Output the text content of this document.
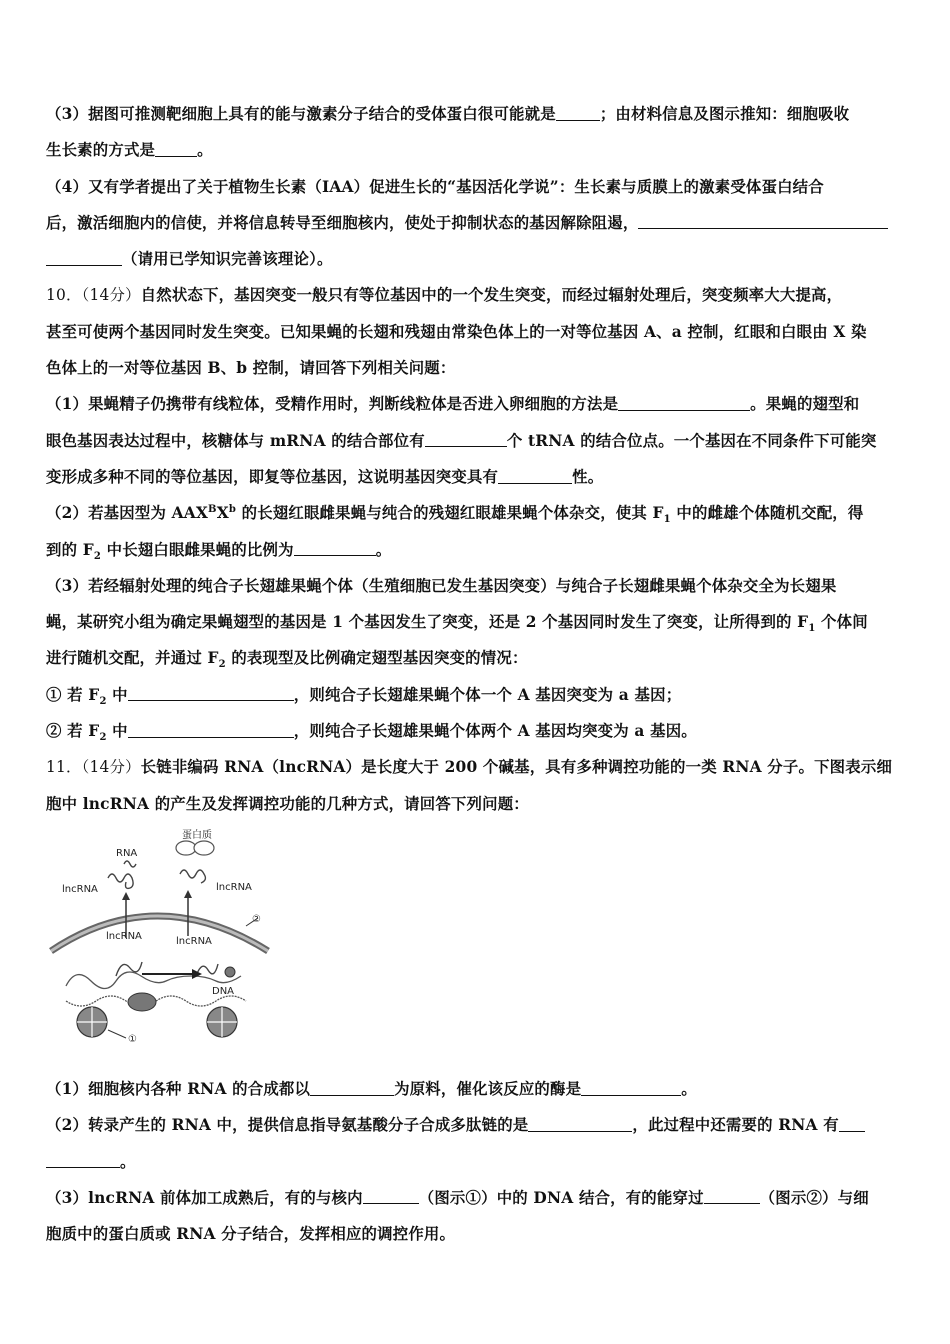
（3）据图可推测靶细胞上具有的能与激素分子结合的受体蛋白很可能就是	；由材料信息及图示推知：细胞吸收
生长素的方式是	。
（4）又有学者提出了关于植物生长素（IAA）促进生长的“基因活化学说”：生长素与质膜上的激素受体蛋白结合
后，激活细胞内的信使，并将信息转导至细胞核内，使处于抑制状态的基因解除阻遏，
（请用已学知识完善该理论）。
10．（14分）自然状态下，基因突变一般只有等位基因中的一个发生突变，而经过辐射处理后，突变频率大大提高，
甚至可使两个基因同时发生突变。已知果蝇的长翅和残翅由常染色体上的一对等位基因 A、a 控制，红眼和白眼由 X 染
色体上的一对等位基因 B、b 控制，请回答下列相关问题：
（1）果蝇精子仍携带有线粒体，受精作用时，判断线粒体是否进入卵细胞的方法是	。果蝇的翅型和
眼色基因表达过程中，核糖体与 mRNA 的结合部位有	个 tRNA 的结合位点。一个基因在不同条件下可能突
变形成多种不同的等位基因，即复等位基因，这说明基因突变具有	性。
（2）若基因型为 $AAX^BX^b$ 的长翅红眼雌果蝇与纯合的残翅红眼雄果蝇个体杂交，使其 $F_1$ 中的雌雄个体随机交配，得
到的 $F_2$ 中长翅白眼雌果蝇的比例为	。
（3）若经辐射处理的纯合子长翅雄果蝇个体（生殖细胞已发生基因突变）与纯合子长翅雌果蝇个体杂交全为长翅果
蝇，某研究小组为确定果蝇翅型的基因是 1 个基因发生了突变，还是 2 个基因同时发生了突变，让所得到的 $F_1$ 个体间
进行随机交配，并通过 $F_2$ 的表现型及比例确定翅型基因突变的情况：
① 若 $F_2$ 中	，则纯合子长翅雄果蝇个体一个 A 基因突变为 a 基因；
② 若 $F_2$ 中	，则纯合子长翅雄果蝇个体两个 A 基因均突变为 a 基因。
11．（14分）长链非编码 RNA（lncRNA）是长度大于 200 个碱基，具有多种调控功能的一类 RNA 分子。下图表示细
胞中 lncRNA 的产生及发挥调控功能的几种方式，请回答下列问题：
RNA
蛋白质
lncRNA	lncRNA
lncRNA	lncRNA
DNA
①
②
（1）细胞核内各种 RNA 的合成都以	为原料，催化该反应的酶是	。
（2）转录产生的 RNA 中，提供信息指导氨基酸分子合成多肽链的是	，此过程中还需要的 RNA 有
。
（3）lncRNA 前体加工成熟后，有的与核内	（图示①）中的 DNA 结合，有的能穿过	（图示②）与细
胞质中的蛋白质或 RNA 分子结合，发挥相应的调控作用。
